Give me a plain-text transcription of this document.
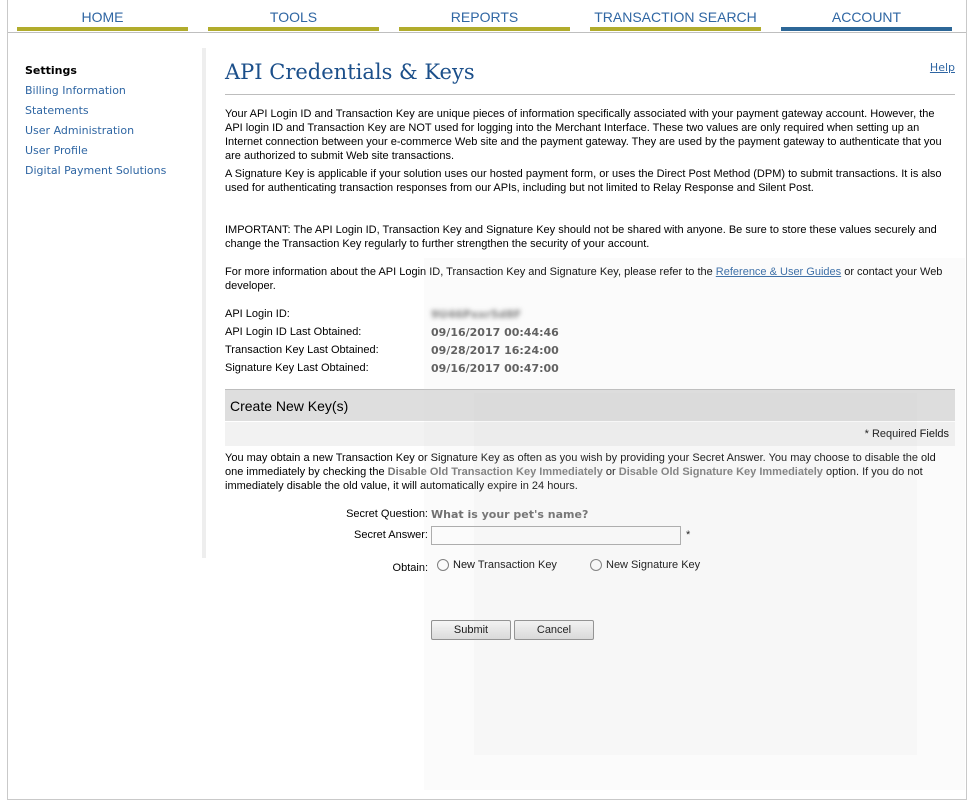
HOME	TOOLS	REPORTS	TRANSACTION SEARCH	ACCOUNT
Settings
Billing Information
Statements
User Administration
User Profile
Digital Payment Solutions
API Credentials & Keys	Help

Your API Login ID and Transaction Key are unique pieces of information specifically associated with your payment gateway account. However, the API login ID and Transaction Key are NOT used for logging into the Merchant Interface. These two values are only required when setting up an Internet connection between your e-commerce Web site and the payment gateway. They are used by the payment gateway to authenticate that you are authorized to submit Web site transactions.

A Signature Key is applicable if your solution uses our hosted payment form, or uses the Direct Post Method (DPM) to submit transactions. It is also used for authenticating transaction responses from our APIs, including but not limited to Relay Response and Silent Post.

IMPORTANT: The API Login ID, Transaction Key and Signature Key should not be shared with anyone. Be sure to store these values securely and change the Transaction Key regularly to further strengthen the security of your account.

For more information about the API Login ID, Transaction Key and Signature Key, please refer to the Reference & User Guides or contact your Web developer.

API Login ID:	9U46Pxxr5d8F
API Login ID Last Obtained:	09/16/2017 00:44:46
Transaction Key Last Obtained:	09/28/2017 16:24:00
Signature Key Last Obtained:	09/16/2017 00:47:00
Create New Key(s)
* Required Fields

You may obtain a new Transaction Key or Signature Key as often as you wish by providing your Secret Answer. You may choose to disable the old one immediately by checking the Disable Old Transaction Key Immediately or Disable Old Signature Key Immediately option. If you do not immediately disable the old value, it will automatically expire in 24 hours.

Secret Question: What is your pet's name?
Secret Answer:	*
Obtain: New Transaction Key	New Signature Key
Submit	Cancel
